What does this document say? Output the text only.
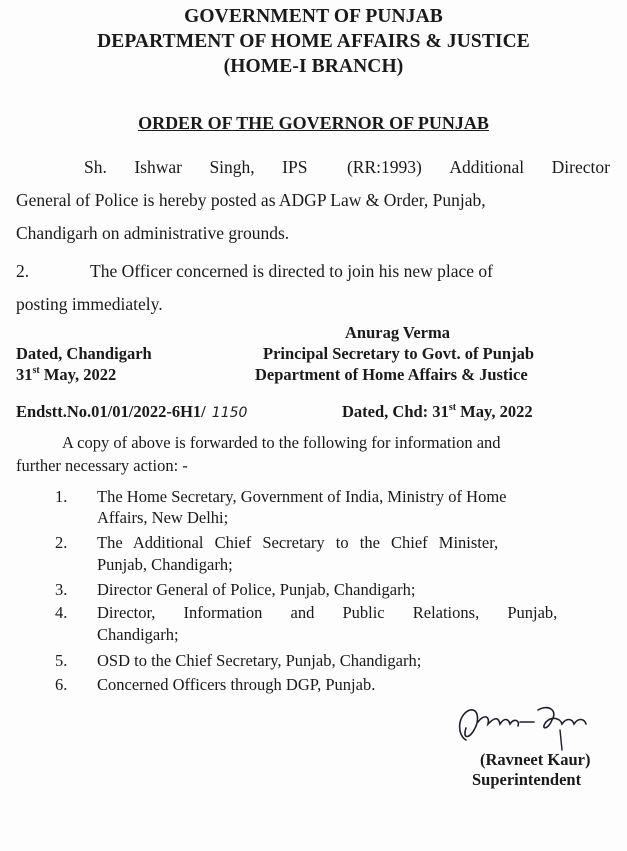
GOVERNMENT OF PUNJAB
DEPARTMENT OF HOME AFFAIRS & JUSTICE
(HOME-I BRANCH)
ORDER OF THE GOVERNOR OF PUNJAB
Sh. Ishwar Singh, IPS (RR:1993) Additional Director
General of Police is hereby posted as ADGP Law & Order, Punjab,
Chandigarh on administrative grounds.
2.	The Officer concerned is directed to join his new place of
posting immediately.
Anurag Verma
Principal Secretary to Govt. of Punjab
Department of Home Affairs & Justice
Dated, Chandigarh
31st May, 2022
Endstt.No.01/01/2022-6H1/ 1150	Dated, Chd: 31st May, 2022
A copy of above is forwarded to the following for information and
further necessary action: -
1. The Home Secretary, Government of India, Ministry of Home
Affairs, New Delhi;
2. The Additional Chief Secretary to the Chief Minister,
Punjab, Chandigarh;
3. Director General of Police, Punjab, Chandigarh;
4. Director, Information and Public Relations, Punjab,
Chandigarh;
5. OSD to the Chief Secretary, Punjab, Chandigarh;
6. Concerned Officers through DGP, Punjab.
(Ravneet Kaur)
Superintendent
